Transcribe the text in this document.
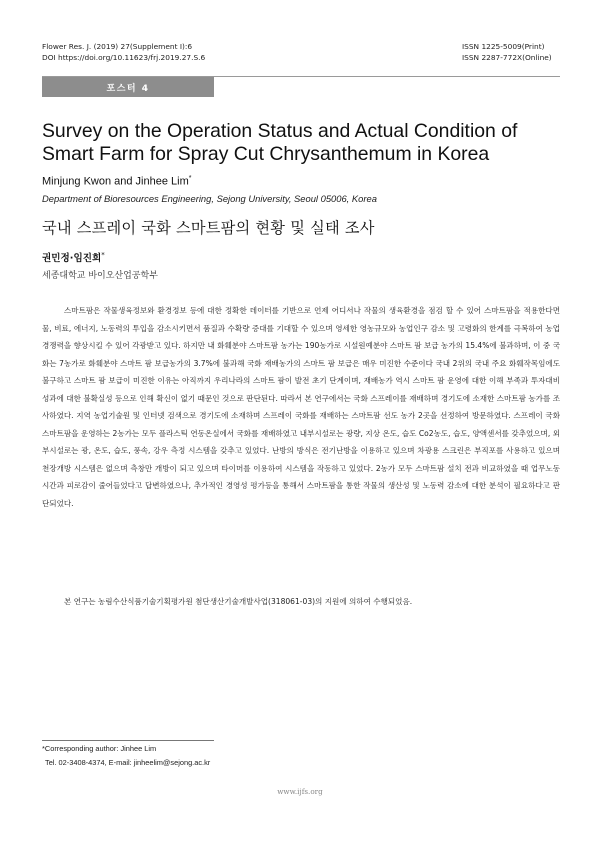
Flower Res. J. (2019) 27(Supplement I):6
DOI https://doi.org/10.11623/frj.2019.27.S.6
ISSN 1225-5009(Print)
ISSN 2287-772X(Online)
포스터 4
Survey on the Operation Status and Actual Condition of Smart Farm for Spray Cut Chrysanthemum in Korea
Minjung Kwon and Jinhee Lim*
Department of Bioresources Engineering, Sejong University, Seoul 05006, Korea
국내 스프레이 국화 스마트팜의 현황 및 실태 조사
권민정·임진희*
세종대학교 바이오산업공학부

스마트팜은 작물생육정보와 환경정보 등에 대한 정확한 데이터를 기반으로 언제 어디서나 작물의 생육환경을 점검 할 수 있어 스마트팜을 적용한다면 물, 비료, 에너지, 노동력의 투입을 감소시키면서 품질과 수확량 증대를 기대할 수 있으며 영세한 영농규모와 농업인구 감소 및 고령화의 한계를 극복하여 농업 경쟁력을 향상시킬 수 있어 각광받고 있다. 하지만 내 화훼분야 스마트팜 농가는 190농가로 시설원예분야 스마트 팜 보급 농가의 15.4%에 불과하며, 이 중 국화는 7농가로 화훼분야 스마트 팜 보급농가의 3.7%에 불과해 국화 재배농가의 스마트 팜 보급은 매우 미진한 수준이다 국내 2위의 국내 주요 화훼작목임에도 불구하고 스마트 팜 보급이 미진한 이유는 아직까지 우리나라의 스마트 팜이 발전 초기 단계이며, 재배농가 역시 스마트 팜 운영에 대한 이해 부족과 투자대비 성과에 대한 불확실성 등으로 인해 확신이 없기 때문인 것으로 판단된다. 따라서 본 연구에서는 국화 스프레이를 재배하며 경기도에 소재한 스마트팜 농가를 조사하였다. 지역 농업기술원 및 인터넷 검색으로 경기도에 소재하며 스프레이 국화를 재배하는 스마트팜 선도 농가 2곳을 선정하여 방문하였다. 스프레이 국화 스마트팜을 운영하는 2농가는 모두 플라스틱 연동온실에서 국화를 재배하였고 내부시설로는 광량, 지상 온도, 습도 Co2농도, 습도, 양액센서를 갖추었으며, 외부시설로는 광, 온도, 습도, 풍속, 강우 측정 시스템을 갖추고 있었다. 난방의 방식은 전기난방을 이용하고 있으며 차광용 스크린은 부직포를 사용하고 있으며 천장개방 시스템은 없으며 측창만 개방이 되고 있으며 타이머를 이용하여 시스템을 작동하고 있었다. 2농가 모두 스마트팜 설치 전과 비교하였을 때 업무노동시간과 피로감이 줄어들었다고 답변하였으나, 추가적인 경영성 평가등을 통해서 스마트팜을 통한 작물의 생산성 및 노동력 감소에 대한 분석이 필요하다고 판단되었다.

본 연구는 농림수산식품기술기획평가원 첨단생산기술개발사업(318061-03)의 지원에 의하여 수행되었음.

*Corresponding author: Jinhee Lim
Tel. 02-3408-4374, E-mail: jinheelim@sejong.ac.kr
www.ijfs.org
